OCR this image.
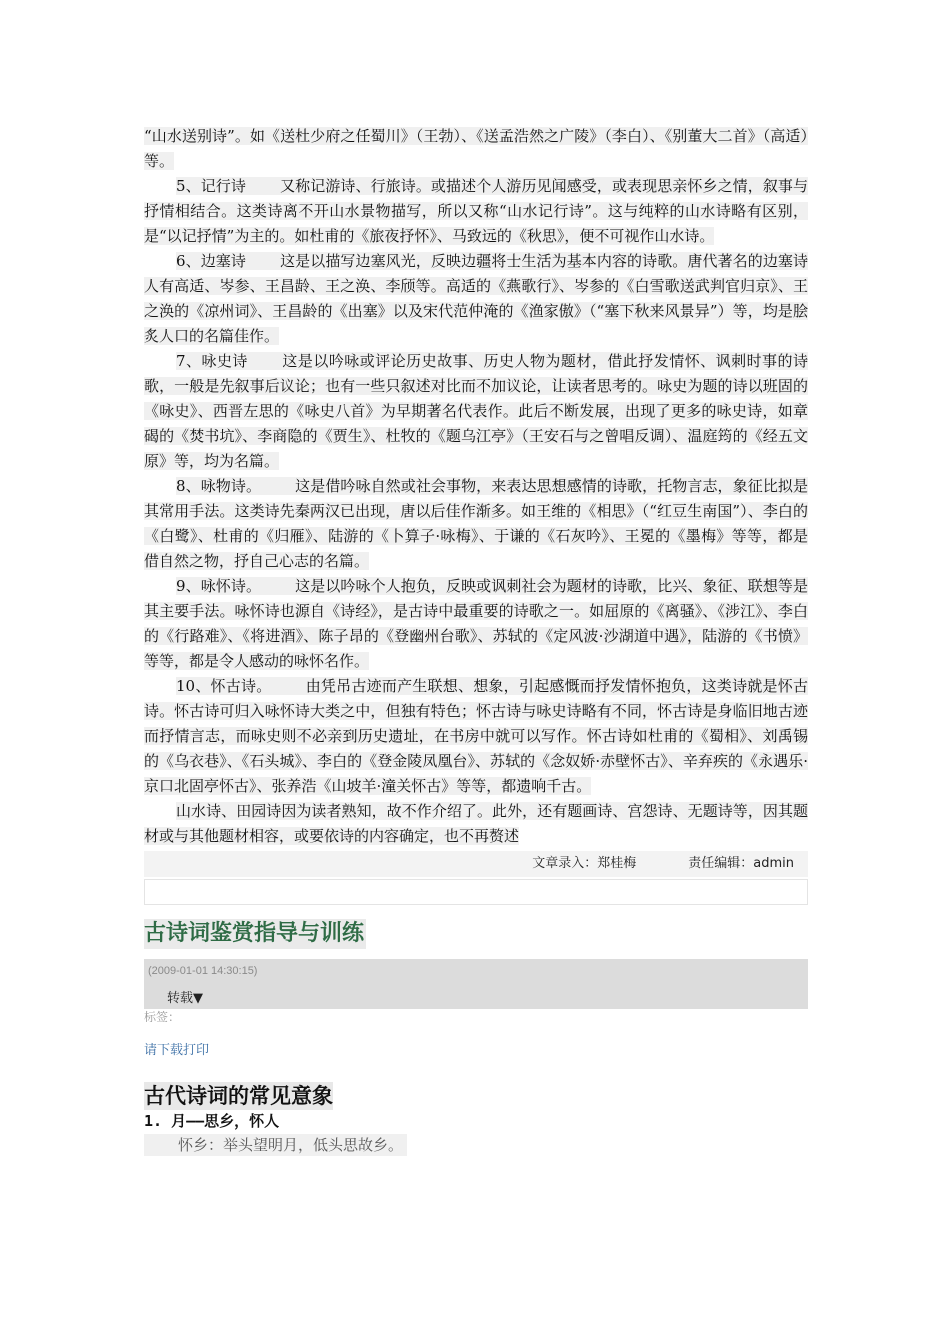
“山水送别诗”。如《送杜少府之任蜀川》（王勃）、《送孟浩然之广陵》（李白）、《别董大二首》（高适）等。

5、记行诗 又称记游诗、行旅诗。或描述个人游历见闻感受，或表现思亲怀乡之情，叙事与抒情相结合。这类诗离不开山水景物描写，所以又称“山水记行诗”。这与纯粹的山水诗略有区别，是“以记抒情”为主的。如杜甫的《旅夜抒怀》、马致远的《秋思》，便不可视作山水诗。

6、边塞诗 这是以描写边塞风光，反映边疆将士生活为基本内容的诗歌。唐代著名的边塞诗人有高适、岑参、王昌龄、王之涣、李颀等。高适的《燕歌行》、岑参的《白雪歌送武判官归京》、王之涣的《凉州词》、王昌龄的《出塞》以及宋代范仲淹的《渔家傲》（“塞下秋来风景异”）等，均是脍炙人口的名篇佳作。

7、咏史诗 这是以吟咏或评论历史故事、历史人物为题材，借此抒发情怀、讽刺时事的诗歌，一般是先叙事后议论；也有一些只叙述对比而不加议论，让读者思考的。咏史为题的诗以班固的《咏史》、西晋左思的《咏史八首》为早期著名代表作。此后不断发展，出现了更多的咏史诗，如章碣的《焚书坑》、李商隐的《贾生》、杜牧的《题乌江亭》（王安石与之曾唱反调）、温庭筠的《经五文原》等，均为名篇。

8、咏物诗。 这是借吟咏自然或社会事物，来表达思想感情的诗歌，托物言志，象征比拟是其常用手法。这类诗先秦两汉已出现，唐以后佳作渐多。如王维的《相思》（“红豆生南国”）、李白的《白鹭》、杜甫的《归雁》、陆游的《卜算子·咏梅》、于谦的《石灰吟》、王冕的《墨梅》等等，都是借自然之物，抒自己心志的名篇。

9、咏怀诗。 这是以吟咏个人抱负，反映或讽刺社会为题材的诗歌，比兴、象征、联想等是其主要手法。咏怀诗也源自《诗经》，是古诗中最重要的诗歌之一。如屈原的《离骚》、《涉江》、李白的《行路难》、《将进酒》、陈子昂的《登幽州台歌》、苏轼的《定风波·沙湖道中遇》，陆游的《书愤》等等，都是令人感动的咏怀名作。

10、怀古诗。 由凭吊古迹而产生联想、想象，引起感慨而抒发情怀抱负，这类诗就是怀古诗。怀古诗可归入咏怀诗大类之中，但独有特色；怀古诗与咏史诗略有不同，怀古诗是身临旧地古迹而抒情言志，而咏史则不必亲到历史遗址，在书房中就可以写作。怀古诗如杜甫的《蜀相》、刘禹锡的《乌衣巷》、《石头城》、李白的《登金陵凤凰台》、苏轼的《念奴娇·赤壁怀古》、辛弃疾的《永遇乐·京口北固亭怀古》、张养浩《山坡羊·潼关怀古》等等，都遗响千古。

山水诗、田园诗因为读者熟知，故不作介绍了。此外，还有题画诗、宫怨诗、无题诗等，因其题材或与其他题材相容，或要依诗的内容确定，也不再赘述

文章录入：郑桂梅	责任编辑：admin
古诗词鉴赏指导与训练
(2009-01-01 14:30:15)
转载▼
标签：
请下载打印
古代诗词的常见意象
1. 月——思乡，怀人
怀乡：举头望明月，低头思故乡。
